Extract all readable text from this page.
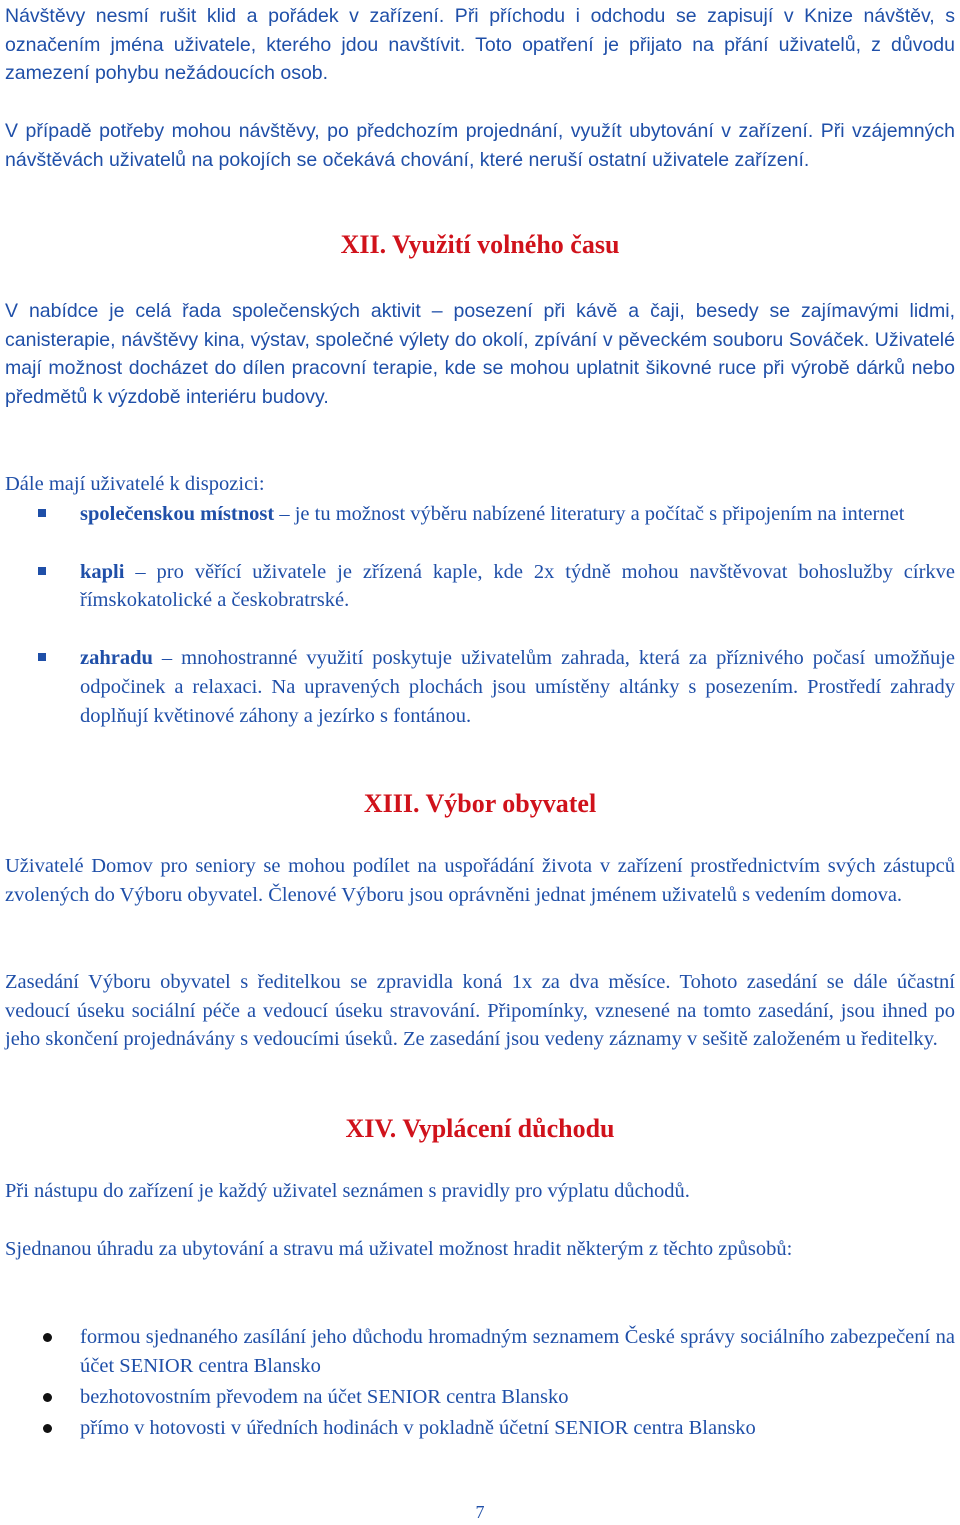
Návštěvy nesmí rušit klid a pořádek v zařízení. Při příchodu i odchodu se zapisují v Knize návštěv, s označením jména uživatele, kterého jdou navštívit. Toto opatření je přijato na přání uživatelů, z důvodu zamezení pohybu nežádoucích osob.

V případě potřeby mohou návštěvy, po předchozím projednání, využít ubytování v zařízení. Při vzájemných návštěvách uživatelů na pokojích se očekává chování, které neruší ostatní uživatele zařízení.

XII. Využití volného času

V nabídce je celá řada společenských aktivit – posezení při kávě a čaji, besedy se zajímavými lidmi, canisterapie, návštěvy kina, výstav, společné výlety do okolí, zpívání v pěveckém souboru Sováček. Uživatelé mají možnost docházet do dílen pracovní terapie, kde se mohou uplatnit šikovné ruce při výrobě dárků nebo předmětů k výzdobě interiéru budovy.

Dále mají uživatelé k dispozici:

společenskou místnost – je tu možnost výběru nabízené literatury a počítač s připojením na internet
kapli – pro věřící uživatele je zřízená kaple, kde 2x týdně mohou navštěvovat bohoslužby církve římskokatolické a českobratrské.
zahradu – mnohostranné využití poskytuje uživatelům zahrada, která za příznivého počasí umožňuje odpočinek a relaxaci. Na upravených plochách jsou umístěny altánky s posezením. Prostředí zahrady doplňují květinové záhony a jezírko s fontánou.
XIII. Výbor obyvatel

Uživatelé Domov pro seniory se mohou podílet na uspořádání života v zařízení prostřednictvím svých zástupců zvolených do Výboru obyvatel. Členové Výboru jsou oprávněni jednat jménem uživatelů s vedením domova.

Zasedání Výboru obyvatel s ředitelkou se zpravidla koná 1x za dva měsíce. Tohoto zasedání se dále účastní vedoucí úseku sociální péče a vedoucí úseku stravování. Připomínky, vznesené na tomto zasedání, jsou ihned po jeho skončení projednávány s vedoucími úseků. Ze zasedání jsou vedeny záznamy v sešitě založeném u ředitelky.

XIV. Vyplácení důchodu

Při nástupu do zařízení je každý uživatel seznámen s pravidly pro výplatu důchodů.

Sjednanou úhradu za ubytování a stravu má uživatel možnost hradit některým z těchto způsobů:

formou sjednaného zasílání jeho důchodu hromadným seznamem České správy sociálního zabezpečení na účet SENIOR centra Blansko
bezhotovostním převodem na účet SENIOR centra Blansko
přímo v hotovosti v úředních hodinách v pokladně účetní SENIOR centra Blansko
7
